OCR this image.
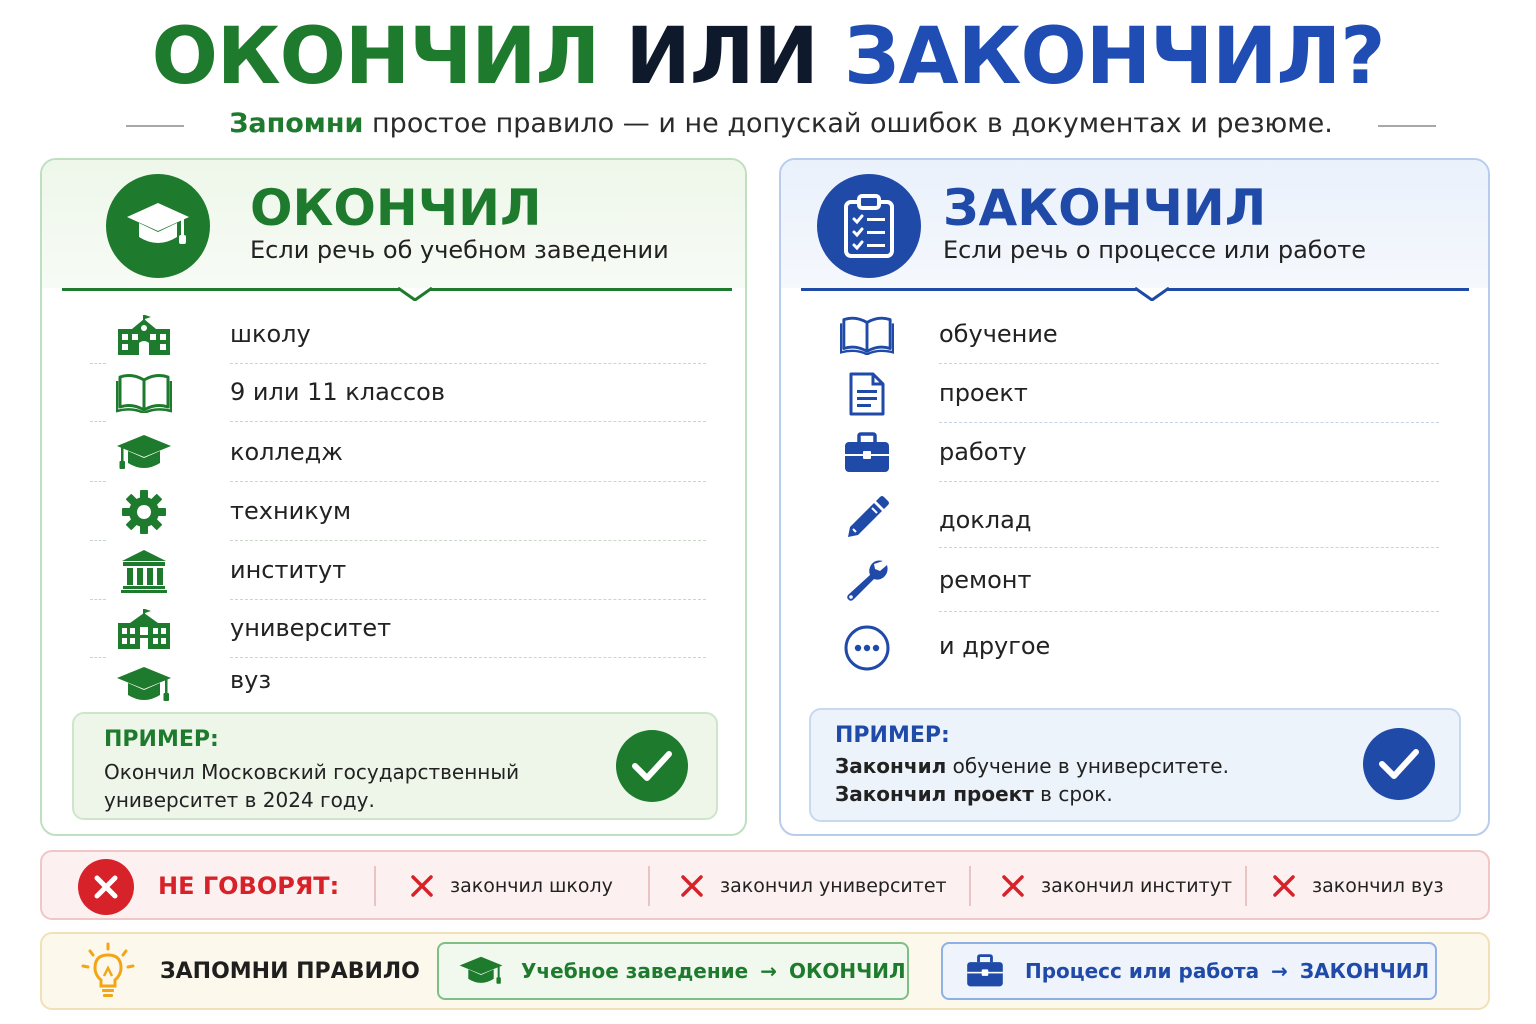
ОКОНЧИЛ ИЛИ ЗАКОНЧИЛ?
Запомни простое правило — и не допускай ошибок в документах и резюме.
ОКОНЧИЛ
Если речь об учебном заведении
школу
9 или 11 классов
колледж
техникум
институт
университет
вуз
ПРИМЕР:
Окончил Московский государственный
университет в 2024 году.
ЗАКОНЧИЛ
Если речь о процессе или работе
обучение
проект
работу
доклад
ремонт
и другое
ПРИМЕР:
Закончил обучение в университете.
Закончил проект в срок.
НЕ ГОВОРЯТ:	закончил школу	закончил университет	закончил институт	закончил вуз
ЗАПОМНИ ПРАВИЛО	Учебное заведение → ОКОНЧИЛ	Процесс или работа → ЗАКОНЧИЛ
